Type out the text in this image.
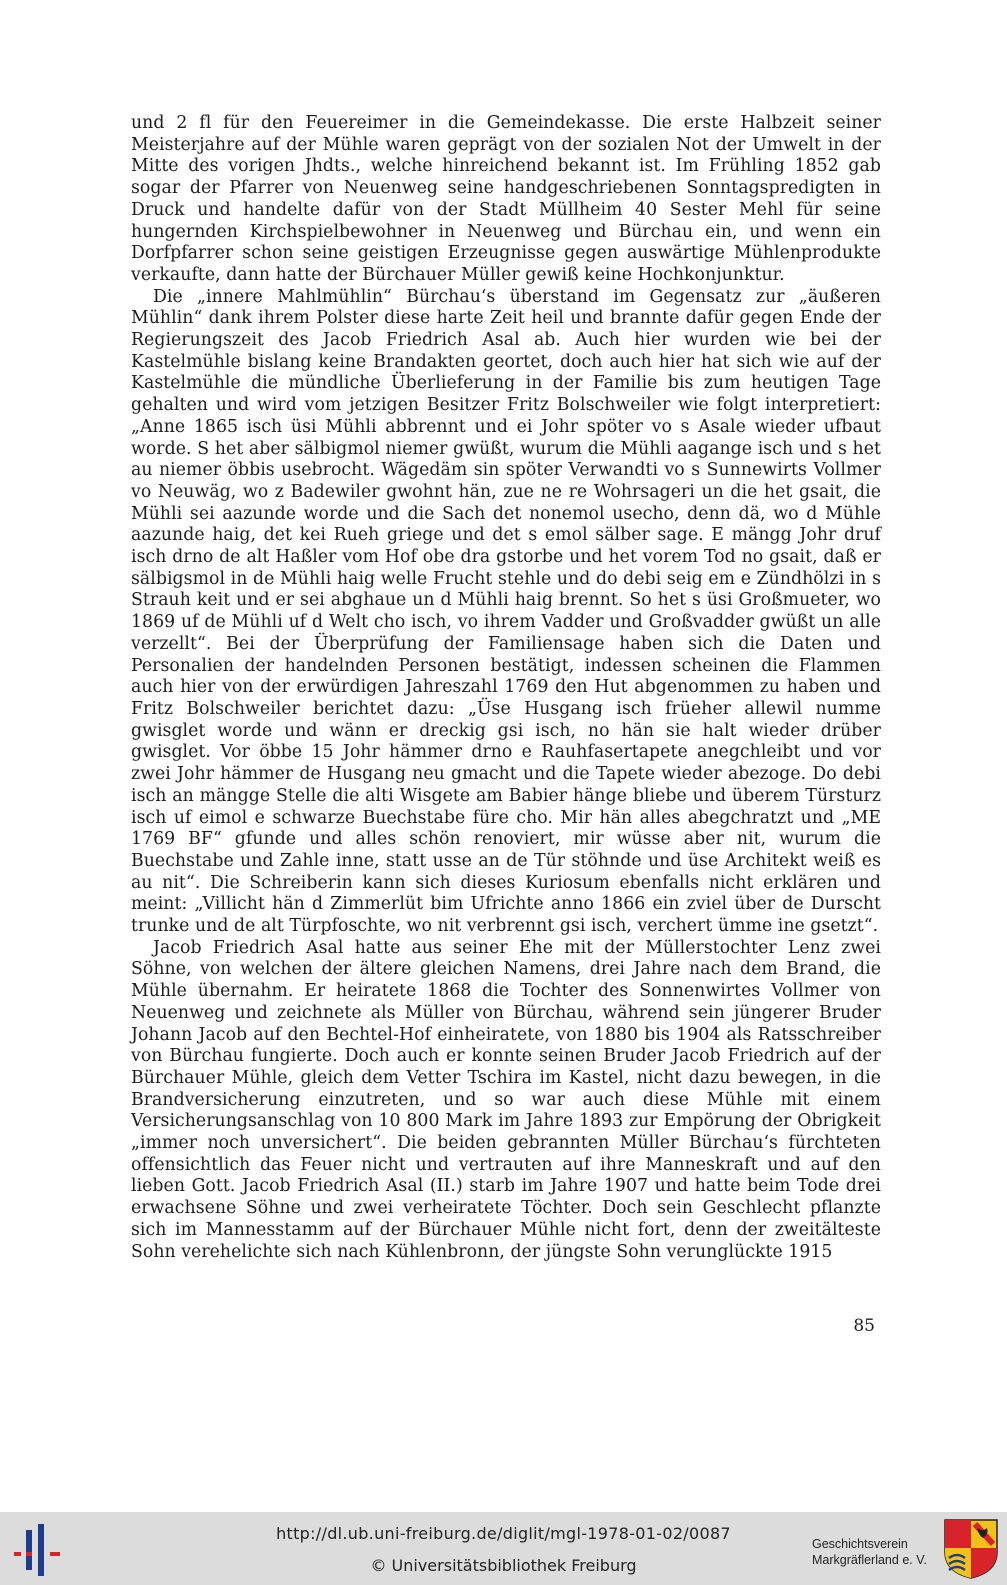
und 2 fl für den Feuereimer in die Gemeindekasse. Die erste Halbzeit seiner Meisterjahre auf der Mühle waren geprägt von der sozialen Not der Umwelt in der Mitte des vorigen Jhdts., welche hinreichend bekannt ist. Im Frühling 1852 gab sogar der Pfarrer von Neuenweg seine handgeschriebenen Sonntagspredigten in Druck und handelte dafür von der Stadt Müllheim 40 Sester Mehl für seine hungernden Kirchspielbewohner in Neuenweg und Bürchau ein, und wenn ein Dorfpfarrer schon seine geistigen Erzeugnisse gegen auswärtige Mühlenprodukte verkaufte, dann hatte der Bürchauer Müller gewiß keine Hochkonjunktur.

Die „innere Mahlmühlin“ Bürchau‘s überstand im Gegensatz zur „äußeren Mühlin“ dank ihrem Polster diese harte Zeit heil und brannte dafür gegen Ende der Regierungszeit des Jacob Friedrich Asal ab. Auch hier wurden wie bei der Kastelmühle bislang keine Brandakten geortet, doch auch hier hat sich wie auf der Kastelmühle die mündliche Überlieferung in der Familie bis zum heutigen Tage gehalten und wird vom jetzigen Besitzer Fritz Bolschweiler wie folgt interpretiert: „Anne 1865 isch üsi Mühli abbrennt und ei Johr spöter vo s Asale wieder ufbaut worde. S het aber sälbigmol niemer gwüßt, wurum die Mühli aagange isch und s het au niemer öbbis usebrocht. Wägedäm sin spöter Verwandti vo s Sunnewirts Vollmer vo Neuwäg, wo z Badewiler gwohnt hän, zue ne re Wohrsageri un die het gsait, die Mühli sei aazunde worde und die Sach det nonemol usecho, denn dä, wo d Mühle aazunde haig, det kei Rueh griege und det s emol sälber sage. E mängg Johr druf isch drno de alt Haßler vom Hof obe dra gstorbe und het vorem Tod no gsait, daß er sälbigsmol in de Mühli haig welle Frucht stehle und do debi seig em e Zündhölzi in s Strauh keit und er sei abghaue un d Mühli haig brennt. So het s üsi Großmueter, wo 1869 uf de Mühli uf d Welt cho isch, vo ihrem Vadder und Großvadder gwüßt un alle verzellt“. Bei der Überprüfung der Familiensage haben sich die Daten und Personalien der handelnden Personen bestätigt, indessen scheinen die Flammen auch hier von der erwürdigen Jahreszahl 1769 den Hut abgenommen zu haben und Fritz Bolschweiler berichtet dazu: „Üse Husgang isch früeher allewil numme gwisglet worde und wänn er dreckig gsi isch, no hän sie halt wieder drüber gwisglet. Vor öbbe 15 Johr hämmer drno e Rauhfasertapete anegchleibt und vor zwei Johr hämmer de Husgang neu gmacht und die Tapete wieder abezoge. Do debi isch an mängge Stelle die alti Wisgete am Babier hänge bliebe und überem Türsturz isch uf eimol e schwarze Buechstabe füre cho. Mir hän alles abegchratzt und „ME 1769 BF“ gfunde und alles schön renoviert, mir wüsse aber nit, wurum die Buechstabe und Zahle inne, statt usse an de Tür stöhnde und üse Architekt weiß es au nit“. Die Schreiberin kann sich dieses Kuriosum ebenfalls nicht erklären und meint: „Villicht hän d Zimmerlüt bim Ufrichte anno 1866 ein zviel über de Durscht trunke und de alt Türpfoschte, wo nit verbrennt gsi isch, verchert ümme ine gsetzt“.

Jacob Friedrich Asal hatte aus seiner Ehe mit der Müllerstochter Lenz zwei Söhne, von welchen der ältere gleichen Namens, drei Jahre nach dem Brand, die Mühle übernahm. Er heiratete 1868 die Tochter des Sonnenwirtes Vollmer von Neuenweg und zeichnete als Müller von Bürchau, während sein jüngerer Bruder Johann Jacob auf den Bechtel-Hof einheiratete, von 1880 bis 1904 als Ratsschreiber von Bürchau fungierte. Doch auch er konnte seinen Bruder Jacob Friedrich auf der Bürchauer Mühle, gleich dem Vetter Tschira im Kastel, nicht dazu bewegen, in die Brandversicherung einzutreten, und so war auch diese Mühle mit einem Versicherungsanschlag von 10 800 Mark im Jahre 1893 zur Empörung der Obrigkeit „immer noch unversichert“. Die beiden gebrannten Müller Bürchau‘s fürchteten offensichtlich das Feuer nicht und vertrauten auf ihre Manneskraft und auf den lieben Gott. Jacob Friedrich Asal (II.) starb im Jahre 1907 und hatte beim Tode drei erwachsene Söhne und zwei verheiratete Töchter. Doch sein Geschlecht pflanzte sich im Mannesstamm auf der Bürchauer Mühle nicht fort, denn der zweitälteste Sohn verehelichte sich nach Kühlenbronn, der jüngste Sohn verunglückte 1915

85
http://dl.ub.uni-freiburg.de/diglit/mgl-1978-01-02/0087
© Universitätsbibliothek Freiburg
Geschichtsverein
Markgräflerland e. V.
